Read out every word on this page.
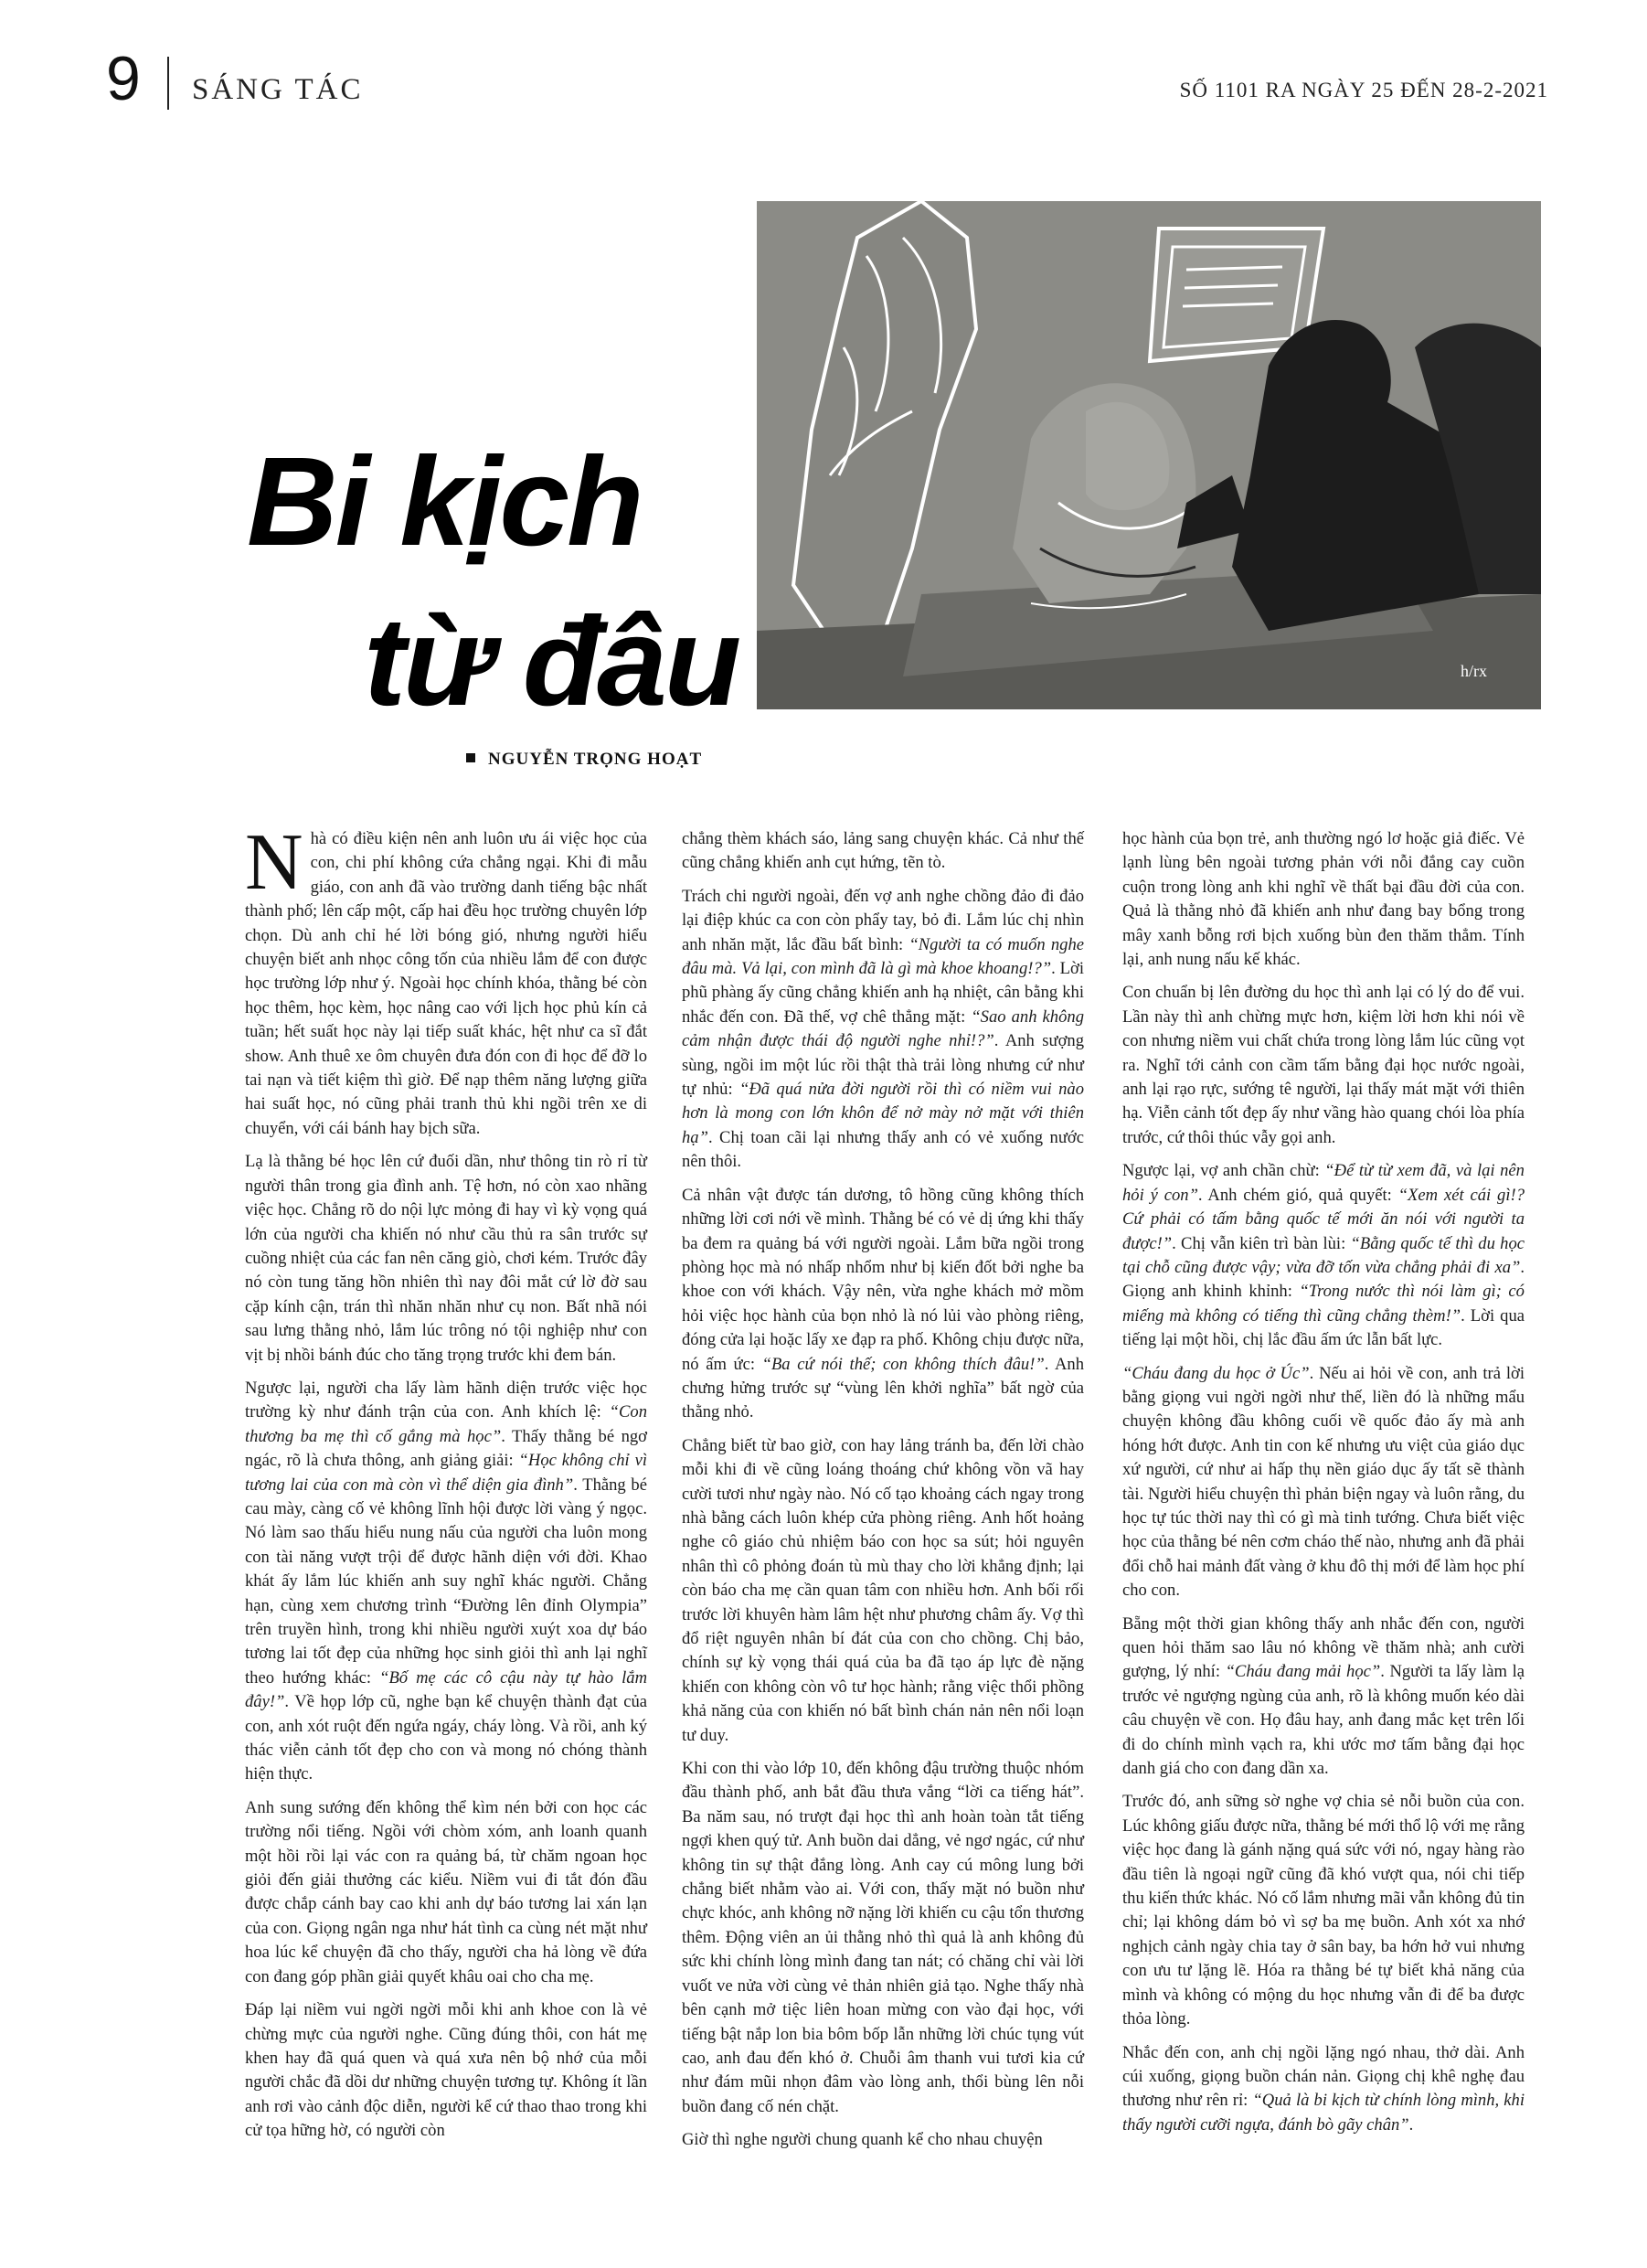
9 SÁNG TÁC	SỐ 1101 RA NGÀY 25 ĐẾN 28-2-2021
Bi kịch
từ đâu	h/rx
NGUYỄN TRỌNG HOẠT

Nhà có điều kiện nên anh luôn ưu ái việc học của con, chi phí không cứa chẳng ngại. Khi đi mẫu giáo, con anh đã vào trường danh tiếng bậc nhất thành phố; lên cấp một, cấp hai đều học trường chuyên lớp chọn. Dù anh chỉ hé lời bóng gió, nhưng người hiểu chuyện biết anh nhọc công tốn của nhiều lắm để con được học trường lớp như ý. Ngoài học chính khóa, thằng bé còn học thêm, học kèm, học nâng cao với lịch học phủ kín cả tuần; hết suất học này lại tiếp suất khác, hệt như ca sĩ đắt show. Anh thuê xe ôm chuyên đưa đón con đi học để đỡ lo tai nạn và tiết kiệm thì giờ. Để nạp thêm năng lượng giữa hai suất học, nó cũng phải tranh thủ khi ngồi trên xe di chuyển, với cái bánh hay bịch sữa.

Lạ là thằng bé học lên cứ đuối dần, như thông tin rò rỉ từ người thân trong gia đình anh. Tệ hơn, nó còn xao nhãng việc học. Chẳng rõ do nội lực mỏng đi hay vì kỳ vọng quá lớn của người cha khiến nó như cầu thủ ra sân trước sự cuồng nhiệt của các fan nên căng giò, chơi kém. Trước đây nó còn tung tăng hồn nhiên thì nay đôi mắt cứ lờ đờ sau cặp kính cận, trán thì nhăn nhăn như cụ non. Bất nhã nói sau lưng thằng nhỏ, lắm lúc trông nó tội nghiệp như con vịt bị nhồi bánh đúc cho tăng trọng trước khi đem bán.

Ngược lại, người cha lấy làm hãnh diện trước việc học trường kỳ như đánh trận của con. Anh khích lệ: “Con thương ba mẹ thì cố gắng mà học”. Thấy thằng bé ngơ ngác, rõ là chưa thông, anh giảng giải: “Học không chỉ vì tương lai của con mà còn vì thể diện gia đình”. Thằng bé cau mày, càng cố vẻ không lĩnh hội được lời vàng ý ngọc. Nó làm sao thấu hiểu nung nấu của người cha luôn mong con tài năng vượt trội để được hãnh diện với đời. Khao khát ấy lắm lúc khiến anh suy nghĩ khác người. Chẳng hạn, cùng xem chương trình “Đường lên đỉnh Olympia” trên truyền hình, trong khi nhiều người xuýt xoa dự báo tương lai tốt đẹp của những học sinh giỏi thì anh lại nghĩ theo hướng khác: “Bố mẹ các cô cậu này tự hào lắm đây!”. Về họp lớp cũ, nghe bạn kể chuyện thành đạt của con, anh xót ruột đến ngứa ngáy, cháy lòng. Và rồi, anh ký thác viễn cảnh tốt đẹp cho con và mong nó chóng thành hiện thực.

Anh sung sướng đến không thể kìm nén bởi con học các trường nổi tiếng. Ngồi với chòm xóm, anh loanh quanh một hồi rồi lại vác con ra quảng bá, từ chăm ngoan học giỏi đến giải thưởng các kiểu. Niềm vui đi tắt đón đầu được chắp cánh bay cao khi anh dự báo tương lai xán lạn của con. Giọng ngân nga như hát tình ca cùng nét mặt như hoa lúc kể chuyện đã cho thấy, người cha hả lòng về đứa con đang góp phần giải quyết khâu oai cho cha mẹ.

Đáp lại niềm vui ngời ngời mỗi khi anh khoe con là vẻ chừng mực của người nghe. Cũng đúng thôi, con hát mẹ khen hay đã quá quen và quá xưa nên bộ nhớ của mỗi người chắc đã dồi dư những chuyện tương tự. Không ít lần anh rơi vào cảnh độc diễn, người kể cứ thao thao trong khi cử tọa hững hờ, có người còn

chẳng thèm khách sáo, lảng sang chuyện khác. Cả như thế cũng chẳng khiến anh cụt hứng, tẽn tò.

Trách chi người ngoài, đến vợ anh nghe chồng đảo đi đảo lại điệp khúc ca con còn phẩy tay, bỏ đi. Lắm lúc chị nhìn anh nhăn mặt, lắc đầu bất bình: “Người ta có muốn nghe đâu mà. Vả lại, con mình đã là gì mà khoe khoang!?”. Lời phũ phàng ấy cũng chẳng khiến anh hạ nhiệt, cân bằng khi nhắc đến con. Đã thế, vợ chê thẳng mặt: “Sao anh không cảm nhận được thái độ người nghe nhỉ!?”. Anh sượng sùng, ngồi im một lúc rồi thật thà trải lòng nhưng cứ như tự nhủ: “Đã quá nửa đời người rồi thì có niềm vui nào hơn là mong con lớn khôn để nở mày nở mặt với thiên hạ”. Chị toan cãi lại nhưng thấy anh có vẻ xuống nước nên thôi.

Cả nhân vật được tán dương, tô hồng cũng không thích những lời cơi nới về mình. Thằng bé có vẻ dị ứng khi thấy ba đem ra quảng bá với người ngoài. Lắm bữa ngồi trong phòng học mà nó nhấp nhổm như bị kiến đốt bởi nghe ba khoe con với khách. Vậy nên, vừa nghe khách mở mồm hỏi việc học hành của bọn nhỏ là nó lủi vào phòng riêng, đóng cửa lại hoặc lấy xe đạp ra phố. Không chịu được nữa, nó ấm ức: “Ba cứ nói thế; con không thích đâu!”. Anh chưng hửng trước sự “vùng lên khởi nghĩa” bất ngờ của thằng nhỏ.

Chẳng biết từ bao giờ, con hay lảng tránh ba, đến lời chào mỗi khi đi về cũng loáng thoáng chứ không vồn vã hay cười tươi như ngày nào. Nó cố tạo khoảng cách ngay trong nhà bằng cách luôn khép cửa phòng riêng. Anh hốt hoảng nghe cô giáo chủ nhiệm báo con học sa sút; hỏi nguyên nhân thì cô phỏng đoán tù mù thay cho lời khẳng định; lại còn báo cha mẹ cần quan tâm con nhiều hơn. Anh bối rối trước lời khuyên hàm lâm hệt như phương châm ấy. Vợ thì đổ riệt nguyên nhân bí đát của con cho chồng. Chị bảo, chính sự kỳ vọng thái quá của ba đã tạo áp lực đè nặng khiến con không còn vô tư học hành; rằng việc thổi phồng khả năng của con khiến nó bất bình chán nản nên nổi loạn tư duy.

Khi con thi vào lớp 10, đến không đậu trường thuộc nhóm đầu thành phố, anh bắt đầu thưa vắng “lời ca tiếng hát”. Ba năm sau, nó trượt đại học thì anh hoàn toàn tắt tiếng ngợi khen quý tử. Anh buồn dai dẳng, vẻ ngơ ngác, cứ như không tin sự thật đắng lòng. Anh cay cú mông lung bởi chẳng biết nhằm vào ai. Với con, thấy mặt nó buồn như chực khóc, anh không nỡ nặng lời khiến cu cậu tổn thương thêm. Động viên an ủi thằng nhỏ thì quả là anh không đủ sức khi chính lòng mình đang tan nát; có chăng chỉ vài lời vuốt ve nửa vời cùng vẻ thản nhiên giả tạo. Nghe thấy nhà bên cạnh mở tiệc liên hoan mừng con vào đại học, với tiếng bật nắp lon bia bôm bốp lẫn những lời chúc tụng vút cao, anh đau đến khó ở. Chuỗi âm thanh vui tươi kia cứ như đám mũi nhọn đâm vào lòng anh, thổi bùng lên nỗi buồn đang cố nén chặt.

Giờ thì nghe người chung quanh kể cho nhau chuyện

học hành của bọn trẻ, anh thường ngó lơ hoặc giả điếc. Vẻ lạnh lùng bên ngoài tương phản với nỗi đắng cay cuồn cuộn trong lòng anh khi nghĩ về thất bại đầu đời của con. Quả là thằng nhỏ đã khiến anh như đang bay bổng trong mây xanh bỗng rơi bịch xuống bùn đen thăm thẳm. Tính lại, anh nung nấu kế khác.

Con chuẩn bị lên đường du học thì anh lại có lý do để vui. Lần này thì anh chừng mực hơn, kiệm lời hơn khi nói về con nhưng niềm vui chất chứa trong lòng lắm lúc cũng vọt ra. Nghĩ tới cảnh con cầm tấm bằng đại học nước ngoài, anh lại rạo rực, sướng tê người, lại thấy mát mặt với thiên hạ. Viễn cảnh tốt đẹp ấy như vầng hào quang chói lòa phía trước, cứ thôi thúc vẫy gọi anh.

Ngược lại, vợ anh chần chừ: “Để từ từ xem đã, và lại nên hỏi ý con”. Anh chém gió, quả quyết: “Xem xét cái gì!? Cứ phải có tấm bằng quốc tế mới ăn nói với người ta được!”. Chị vẫn kiên trì bàn lùi: “Bằng quốc tế thì du học tại chỗ cũng được vậy; vừa đỡ tốn vừa chẳng phải đi xa”. Giọng anh khinh khỉnh: “Trong nước thì nói làm gì; có miếng mà không có tiếng thì cũng chẳng thèm!”. Lời qua tiếng lại một hồi, chị lắc đầu ấm ức lẫn bất lực.

“Cháu đang du học ở Úc”. Nếu ai hỏi về con, anh trả lời bằng giọng vui ngời ngời như thế, liền đó là những mẩu chuyện không đầu không cuối về quốc đảo ấy mà anh hóng hớt được. Anh tin con kế nhưng ưu việt của giáo dục xứ người, cứ như ai hấp thụ nền giáo dục ấy tất sẽ thành tài. Người hiểu chuyện thì phản biện ngay và luôn rằng, du học tự túc thời nay thì có gì mà tinh tướng. Chưa biết việc học của thằng bé nên cơm cháo thế nào, nhưng anh đã phải đổi chỗ hai mảnh đất vàng ở khu đô thị mới để làm học phí cho con.

Bẵng một thời gian không thấy anh nhắc đến con, người quen hỏi thăm sao lâu nó không về thăm nhà; anh cười gượng, lý nhí: “Cháu đang mải học”. Người ta lấy làm lạ trước vẻ ngượng ngùng của anh, rõ là không muốn kéo dài câu chuyện về con. Họ đâu hay, anh đang mắc kẹt trên lối đi do chính mình vạch ra, khi ước mơ tấm bằng đại học danh giá cho con đang dần xa.

Trước đó, anh sững sờ nghe vợ chia sẻ nỗi buồn của con. Lúc không giấu được nữa, thằng bé mới thổ lộ với mẹ rằng việc học đang là gánh nặng quá sức với nó, ngay hàng rào đầu tiên là ngoại ngữ cũng đã khó vượt qua, nói chi tiếp thu kiến thức khác. Nó cố lắm nhưng mãi vẫn không đủ tin chỉ; lại không dám bỏ vì sợ ba mẹ buồn. Anh xót xa nhớ nghịch cảnh ngày chia tay ở sân bay, ba hớn hở vui nhưng con ưu tư lặng lẽ. Hóa ra thằng bé tự biết khả năng của mình và không có mộng du học nhưng vẫn đi để ba được thỏa lòng.

Nhắc đến con, anh chị ngồi lặng ngó nhau, thở dài. Anh cúi xuống, giọng buồn chán nản. Giọng chị khê nghẹ đau thương như rên rỉ: “Quả là bi kịch từ chính lòng mình, khi thấy người cưỡi ngựa, đánh bò gãy chân”.
